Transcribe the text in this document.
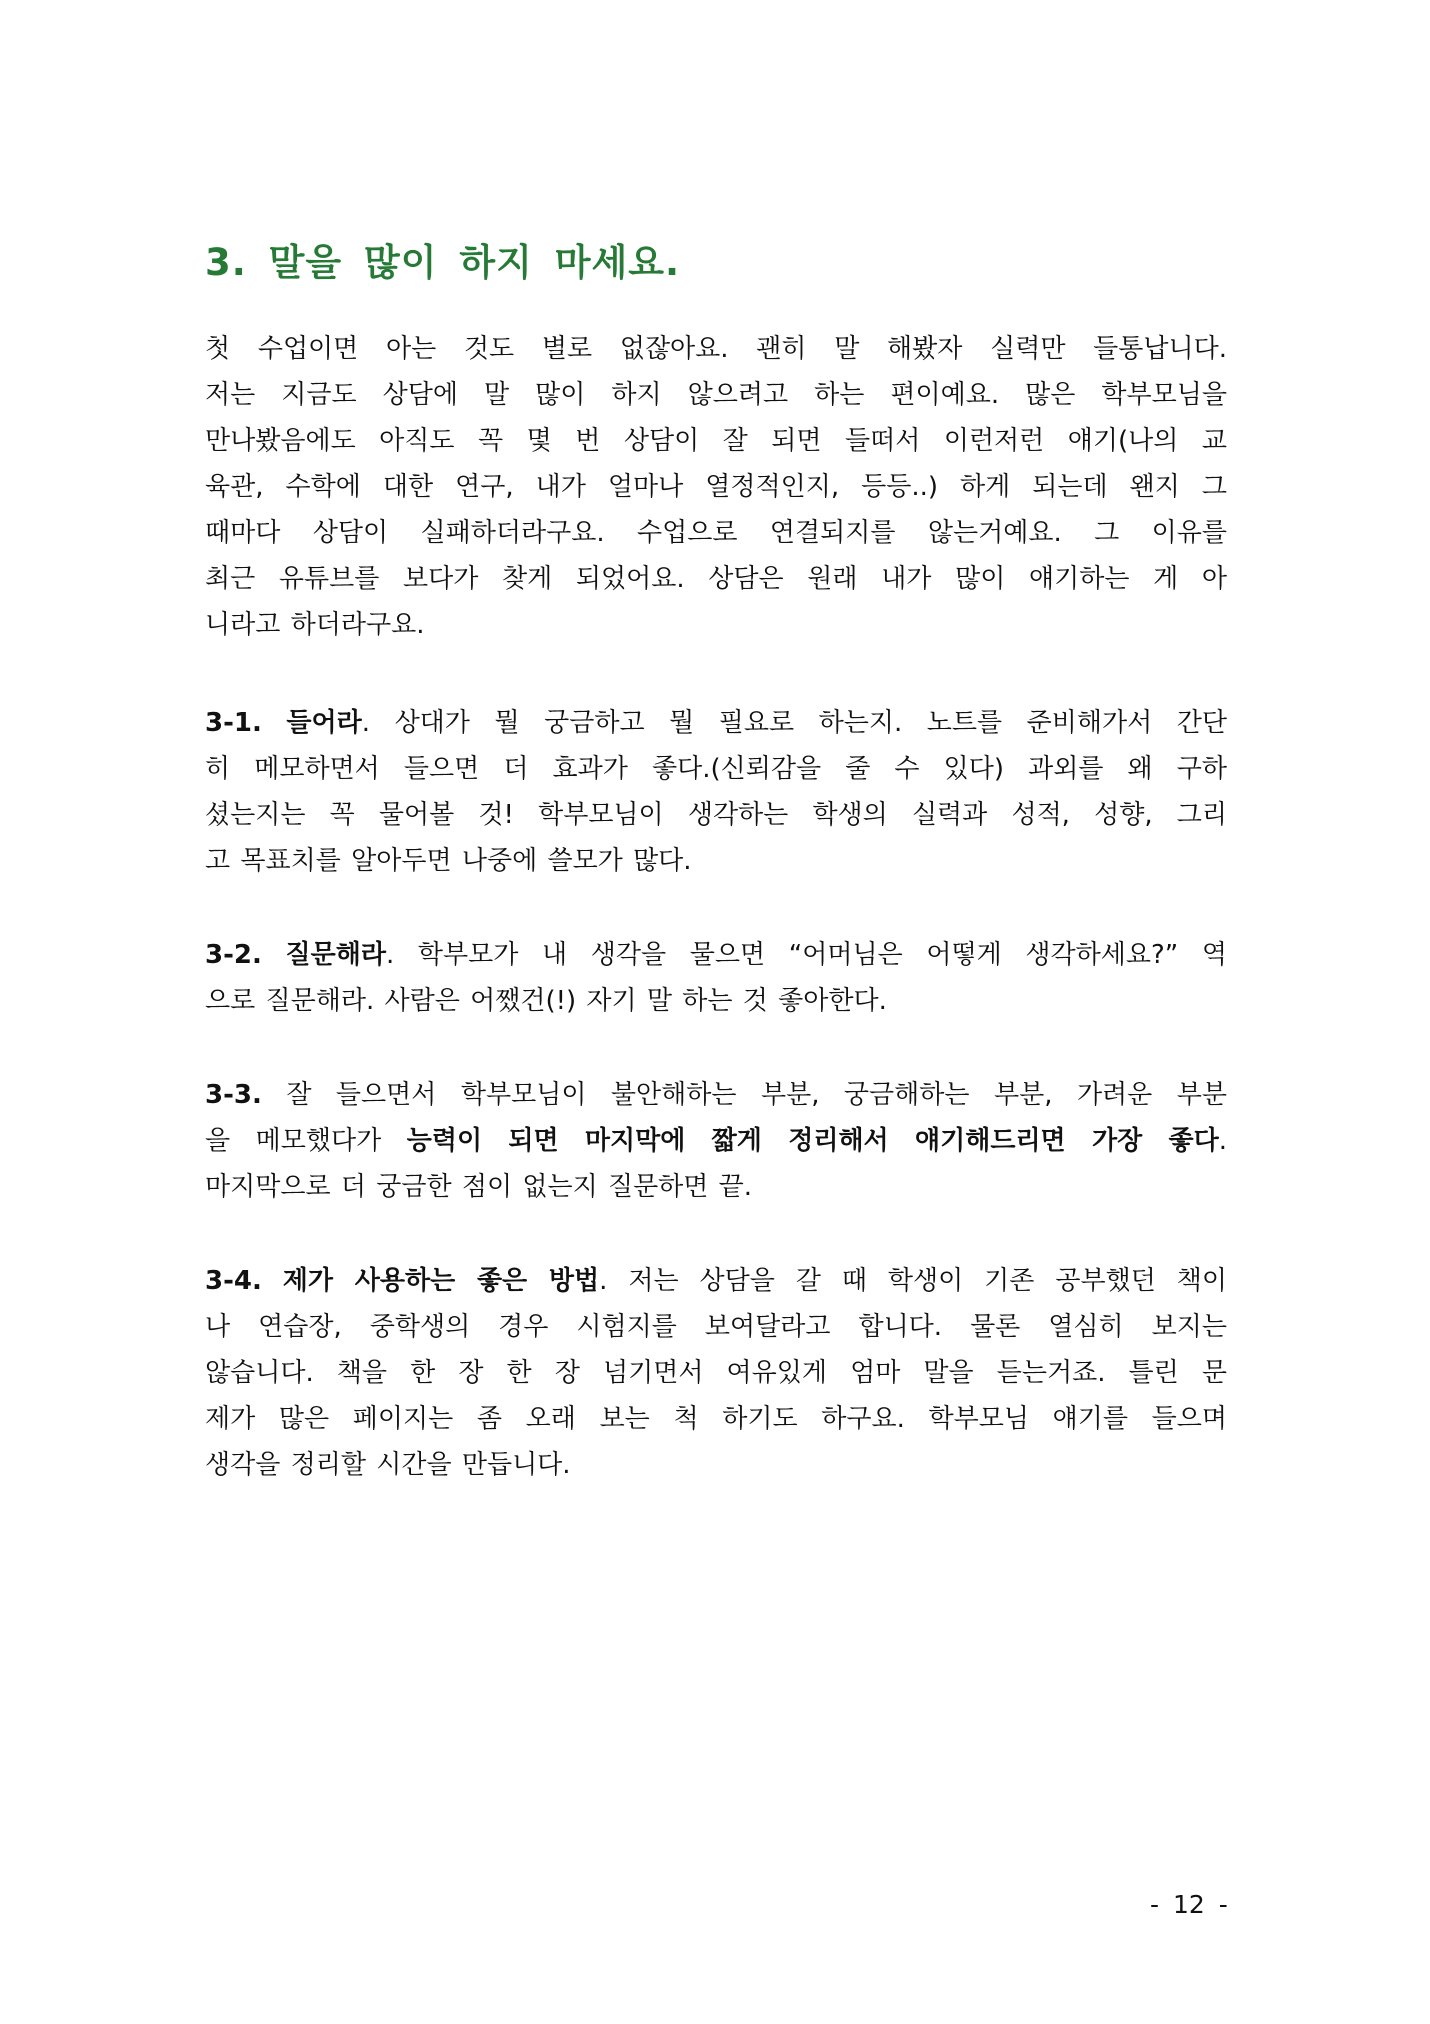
3. 말을 많이 하지 마세요.
첫 수업이면 아는 것도 별로 없잖아요. 괜히 말 해봤자 실력만 들통납니다.
저는 지금도 상담에 말 많이 하지 않으려고 하는 편이예요. 많은 학부모님을
만나봤음에도 아직도 꼭 몇 번 상담이 잘 되면 들떠서 이런저런 얘기(나의 교
육관, 수학에 대한 연구, 내가 얼마나 열정적인지, 등등..) 하게 되는데 왠지 그
때마다 상담이 실패하더라구요. 수업으로 연결되지를 않는거예요. 그 이유를
최근 유튜브를 보다가 찾게 되었어요. 상담은 원래 내가 많이 얘기하는 게 아
니라고 하더라구요.
3-1. 들어라. 상대가 뭘 궁금하고 뭘 필요로 하는지. 노트를 준비해가서 간단
히 메모하면서 들으면 더 효과가 좋다.(신뢰감을 줄 수 있다) 과외를 왜 구하
셨는지는 꼭 물어볼 것! 학부모님이 생각하는 학생의 실력과 성적, 성향, 그리
고 목표치를 알아두면 나중에 쓸모가 많다.
3-2. 질문해라. 학부모가 내 생각을 물으면 “어머님은 어떻게 생각하세요?” 역
으로 질문해라. 사람은 어쨌건(!) 자기 말 하는 것 좋아한다.
3-3. 잘 들으면서 학부모님이 불안해하는 부분, 궁금해하는 부분, 가려운 부분
을 메모했다가 능력이 되면 마지막에 짧게 정리해서 얘기해드리면 가장 좋다.
마지막으로 더 궁금한 점이 없는지 질문하면 끝.
3-4. 제가 사용하는 좋은 방법. 저는 상담을 갈 때 학생이 기존 공부했던 책이
나 연습장, 중학생의 경우 시험지를 보여달라고 합니다. 물론 열심히 보지는
않습니다. 책을 한 장 한 장 넘기면서 여유있게 엄마 말을 듣는거죠. 틀린 문
제가 많은 페이지는 좀 오래 보는 척 하기도 하구요. 학부모님 얘기를 들으며
생각을 정리할 시간을 만듭니다.
- 12 -
